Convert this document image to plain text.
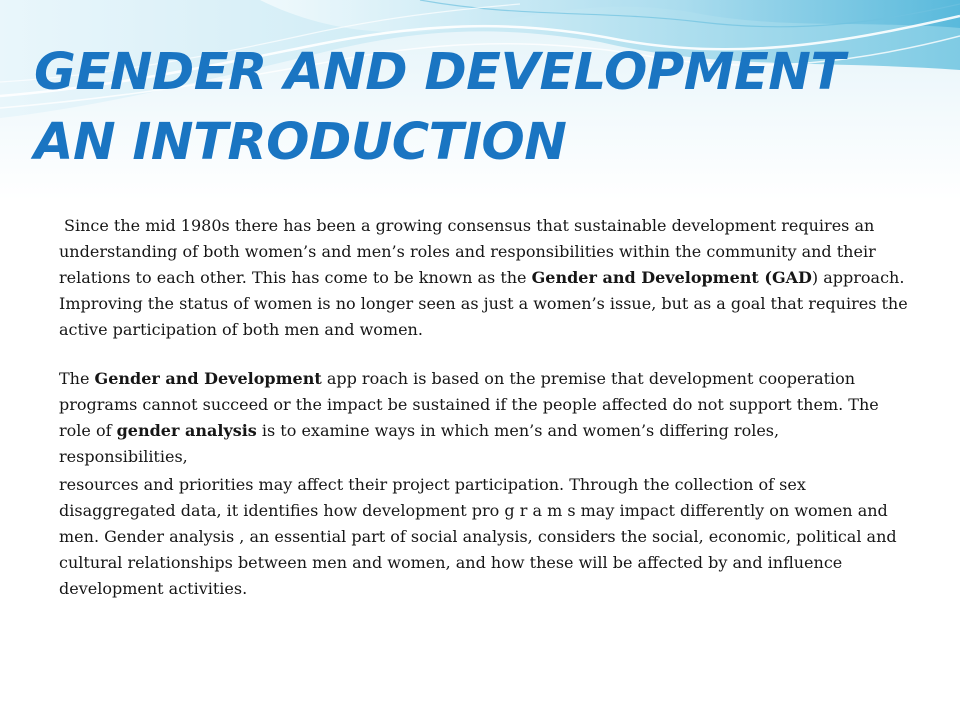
GENDER AND DEVELOPMENT
AN INTRODUCTION

Since the mid 1980s there has been a growing consensus that sustainable development requires an understanding of both women’s and men’s roles and responsibilities within the community and their relations to each other. This has come to be known as the Gender and Development (GAD) approach. Improving the status of women is no longer seen as just a women’s issue, but as a goal that requires the active participation of both men and women.

The Gender and Development app roach is based on the premise that development cooperation programs cannot succeed or the impact be sustained if the people affected do not support them. The role of gender analysis is to examine ways in which men’s and women’s differing roles, responsibilities,

resources and priorities may affect their project participation. Through the collection of sex disaggregated data, it identifies how development pro g r a m s may impact differently on women and men. Gender analysis , an essential part of social analysis, considers the social, economic, political and cultural relationships between men and women, and how these will be affected by and influence development activities.
